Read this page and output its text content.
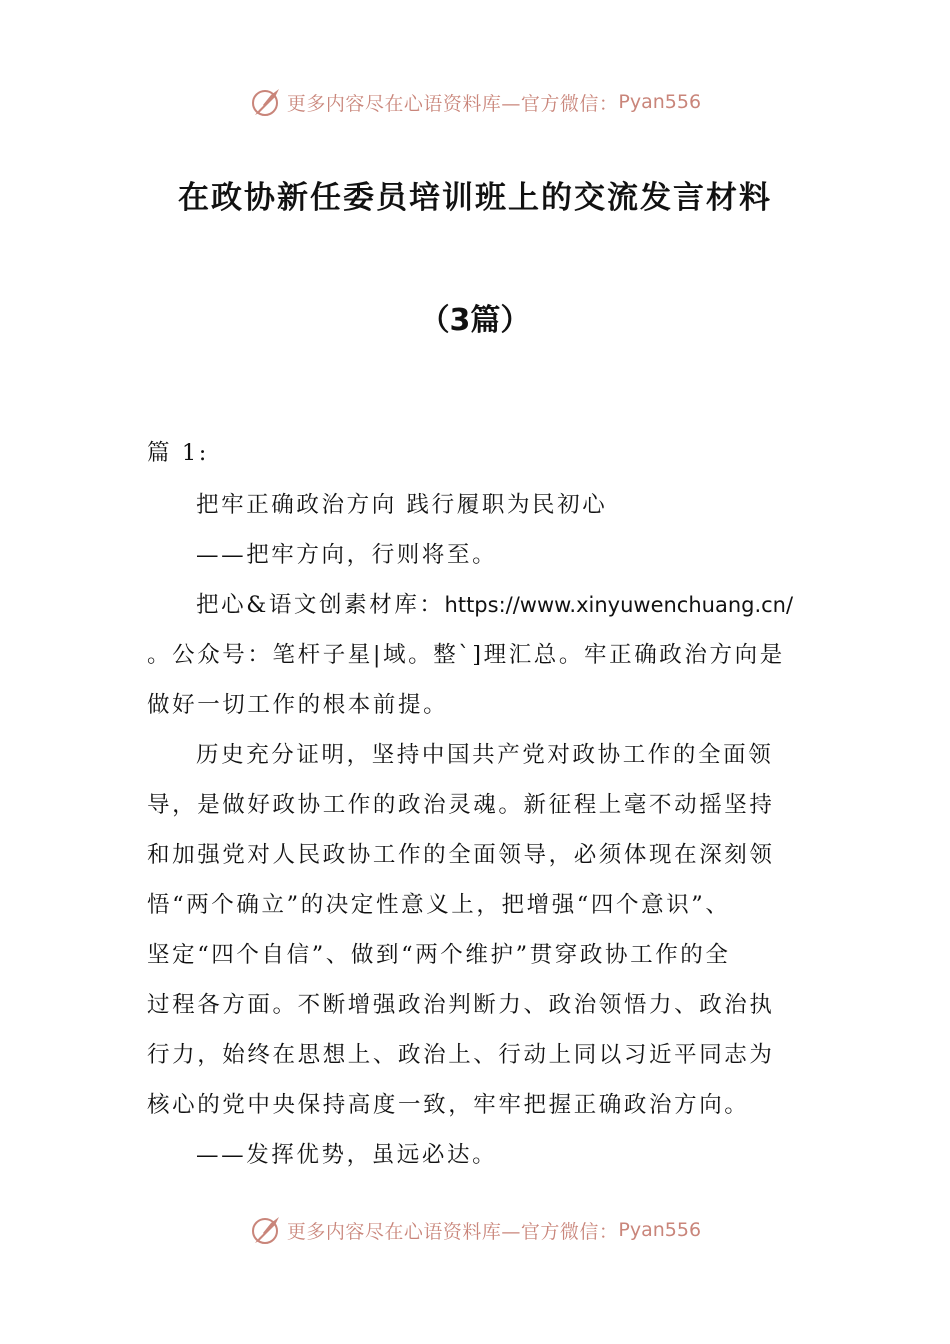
更多内容尽在心语资料库—官方微信： Pyan556
在政协新任委员培训班上的交流发言材料
（3篇）
篇 1:
把牢正确政治方向 践行履职为民初心
——把牢方向，行则将至。
把心&语文创素材库：https://www.xinyuwenchuang.cn/
。公众号：笔杆子星|域。整`]理汇总。牢正确政治方向是
做好一切工作的根本前提。
历史充分证明，坚持中国共产党对政协工作的全面领
导，是做好政协工作的政治灵魂。新征程上毫不动摇坚持
和加强党对人民政协工作的全面领导，必须体现在深刻领
悟“两个确立”的决定性意义上，把增强“四个意识”、
坚定“四个自信”、做到“两个维护”贯穿政协工作的全
过程各方面。不断增强政治判断力、政治领悟力、政治执
行力，始终在思想上、政治上、行动上同以习近平同志为
核心的党中央保持高度一致，牢牢把握正确政治方向。
——发挥优势，虽远必达。
更多内容尽在心语资料库—官方微信： Pyan556
